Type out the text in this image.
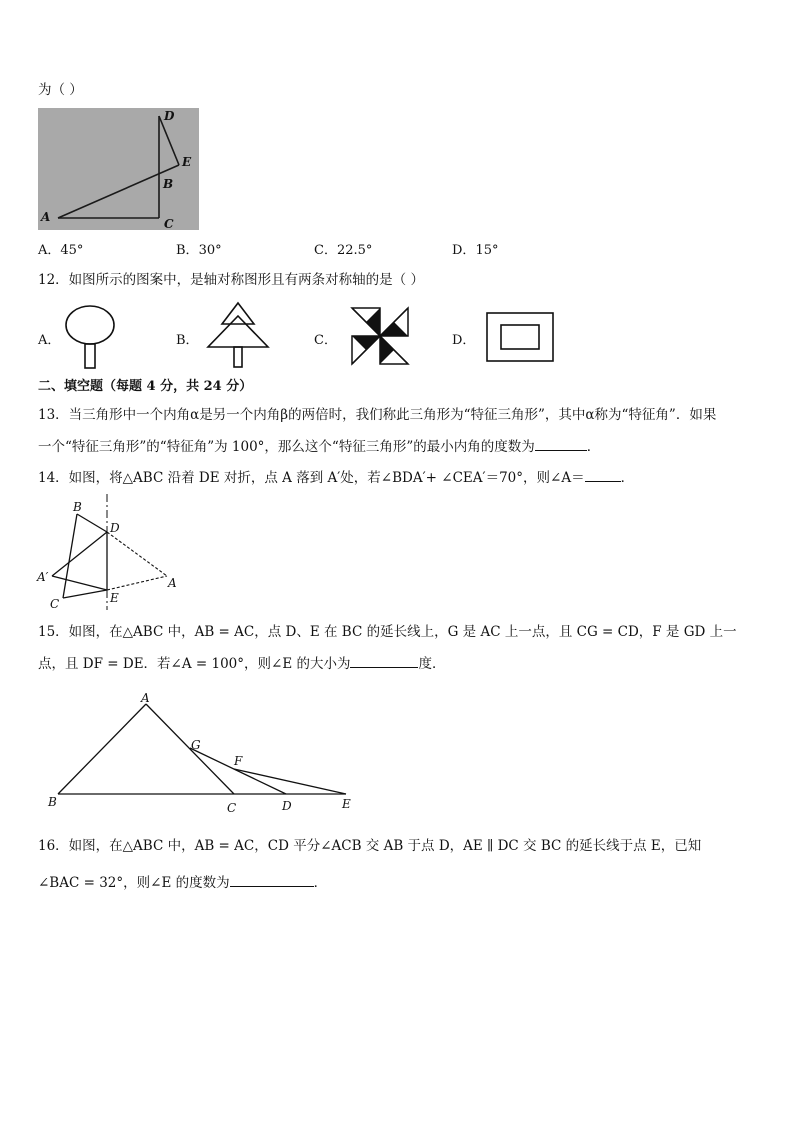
为（ ）
D
E
B
A	C
A．45°	B．30°	C．22.5°	D．15°
12．如图所示的图案中，是轴对称图形且有两条对称轴的是（ ）
A．	B．	C．	D．
二、填空题（每题 4 分，共 24 分）
13．当三角形中一个内角α是另一个内角β的两倍时，我们称此三角形为“特征三角形”，其中α称为“特征角”．如果
一个“特征三角形”的“特征角”为 100°，那么这个“特征三角形”的最小内角的度数为	．
14．如图，将△ABC 沿着 DE 对折，点 A 落到 A′处，若∠BDA′+ ∠CEA′＝70°，则∠A＝	．
B
D
A′	A
C	E
15．如图，在△ABC 中，AB = AC，点 D、E 在 BC 的延长线上，G 是 AC 上一点，且 CG = CD，F 是 GD 上一
点，且 DF = DE．若∠A = 100°，则∠E 的大小为	度．
A
G
F
B	C	D	E
16．如图，在△ABC 中，AB = AC，CD 平分∠ACB 交 AB 于点 D，AE ∥ DC 交 BC 的延长线于点 E，已知
∠BAC = 32°，则∠E 的度数为	．
